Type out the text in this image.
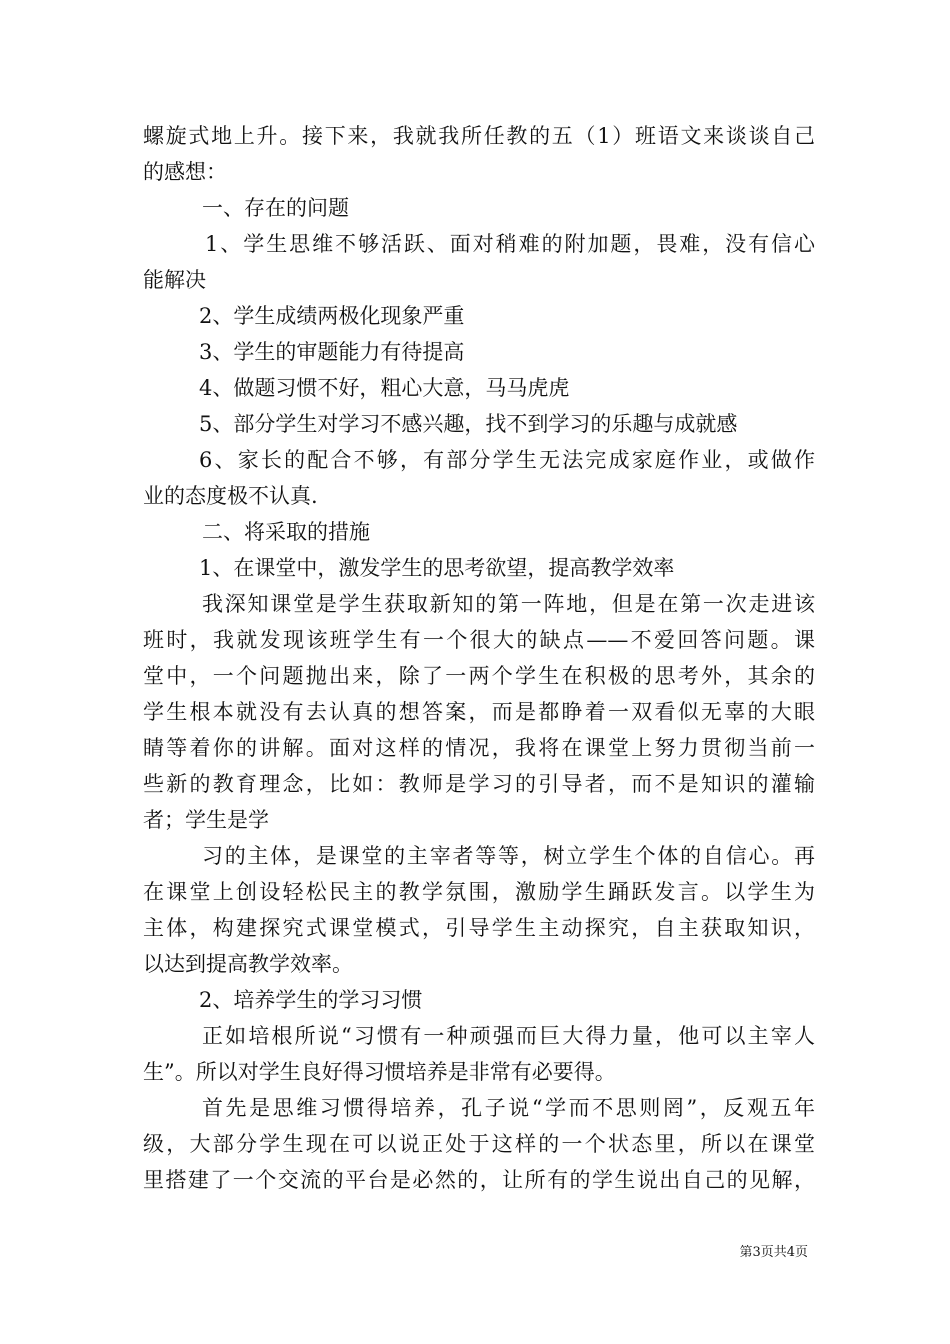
螺旋式地上升。接下来，我就我所任教的五（1）班语文来谈谈自己
的感想：
一、存在的问题
1、学生思维不够活跃、面对稍难的附加题，畏难，没有信心
能解决
2、学生成绩两极化现象严重
3、学生的审题能力有待提高
4、做题习惯不好，粗心大意，马马虎虎
5、部分学生对学习不感兴趣，找不到学习的乐趣与成就感
6、家长的配合不够，有部分学生无法完成家庭作业，或做作
业的态度极不认真.
二、将采取的措施
1、在课堂中，激发学生的思考欲望，提高教学效率
我深知课堂是学生获取新知的第一阵地，但是在第一次走进该
班时，我就发现该班学生有一个很大的缺点——不爱回答问题。课
堂中，一个问题抛出来，除了一两个学生在积极的思考外，其余的
学生根本就没有去认真的想答案，而是都睁着一双看似无辜的大眼
睛等着你的讲解。面对这样的情况，我将在课堂上努力贯彻当前一
些新的教育理念，比如：教师是学习的引导者，而不是知识的灌输
者；学生是学
习的主体，是课堂的主宰者等等，树立学生个体的自信心。再
在课堂上创设轻松民主的教学氛围，激励学生踊跃发言。以学生为
主体，构建探究式课堂模式，引导学生主动探究，自主获取知识，
以达到提高教学效率。
2、培养学生的学习习惯
正如培根所说“习惯有一种顽强而巨大得力量，他可以主宰人
生”。所以对学生良好得习惯培养是非常有必要得。
首先是思维习惯得培养，孔子说“学而不思则罔”，反观五年
级，大部分学生现在可以说正处于这样的一个状态里，所以在课堂
里搭建了一个交流的平台是必然的，让所有的学生说出自己的见解，
第3页共4页
